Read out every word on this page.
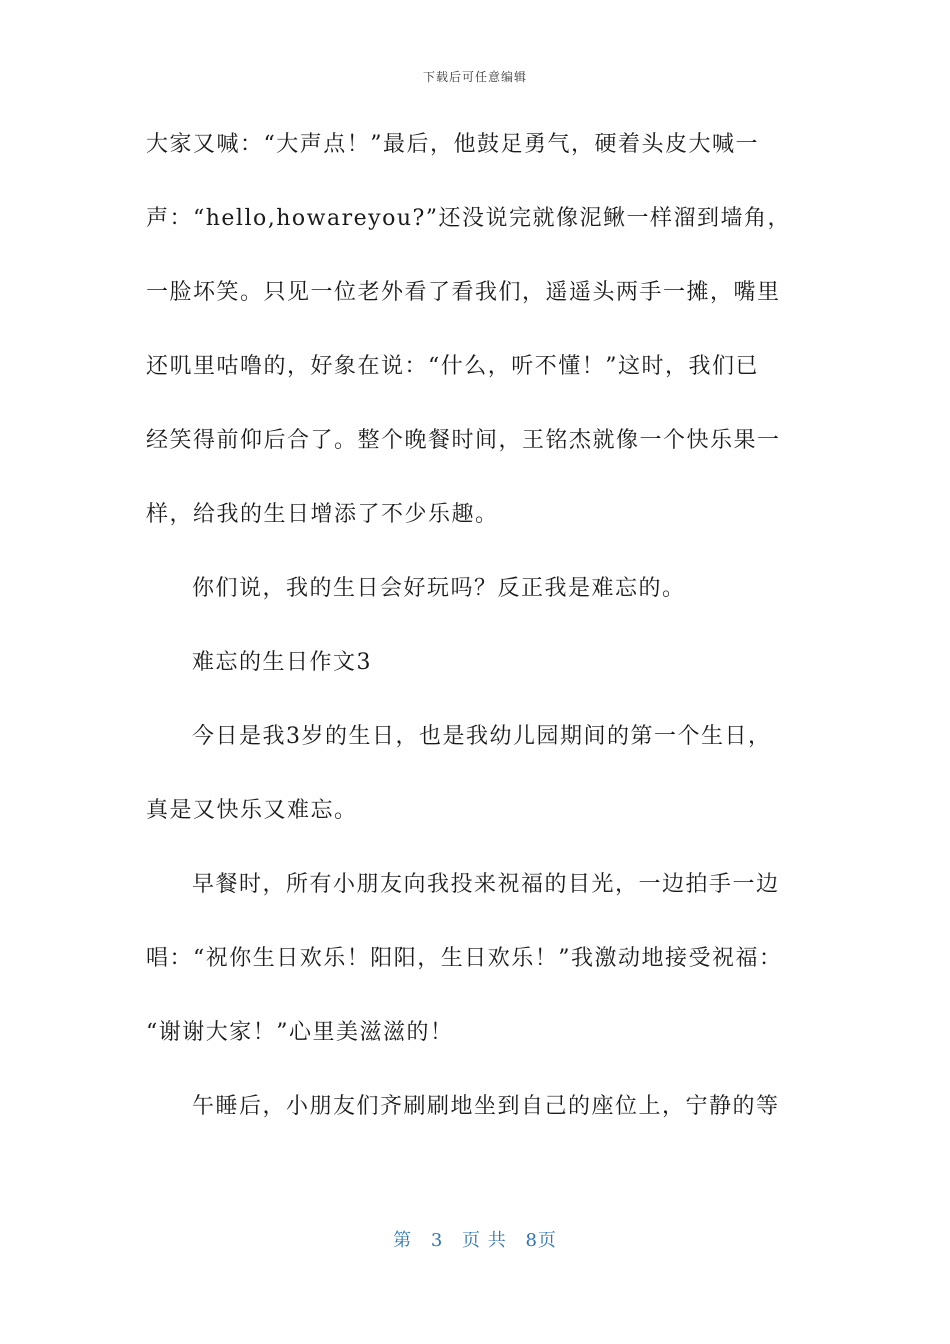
下载后可任意编辑
大家又喊：“大声点！”最后，他鼓足勇气，硬着头皮大喊一
声：“hello,howareyou?”还没说完就像泥鳅一样溜到墙角，
一脸坏笑。只见一位老外看了看我们，遥遥头两手一摊，嘴里
还叽里咕噜的，好象在说：“什么，听不懂！”这时，我们已
经笑得前仰后合了。整个晚餐时间，王铭杰就像一个快乐果一
样，给我的生日增添了不少乐趣。
你们说，我的生日会好玩吗？反正我是难忘的。
难忘的生日作文3
今日是我3岁的生日，也是我幼儿园期间的第一个生日，
真是又快乐又难忘。
早餐时，所有小朋友向我投来祝福的目光，一边拍手一边
唱：“祝你生日欢乐！阳阳，生日欢乐！”我激动地接受祝福：
“谢谢大家！”心里美滋滋的！
午睡后，小朋友们齐刷刷地坐到自己的座位上，宁静的等
第 3 页 共 8页
